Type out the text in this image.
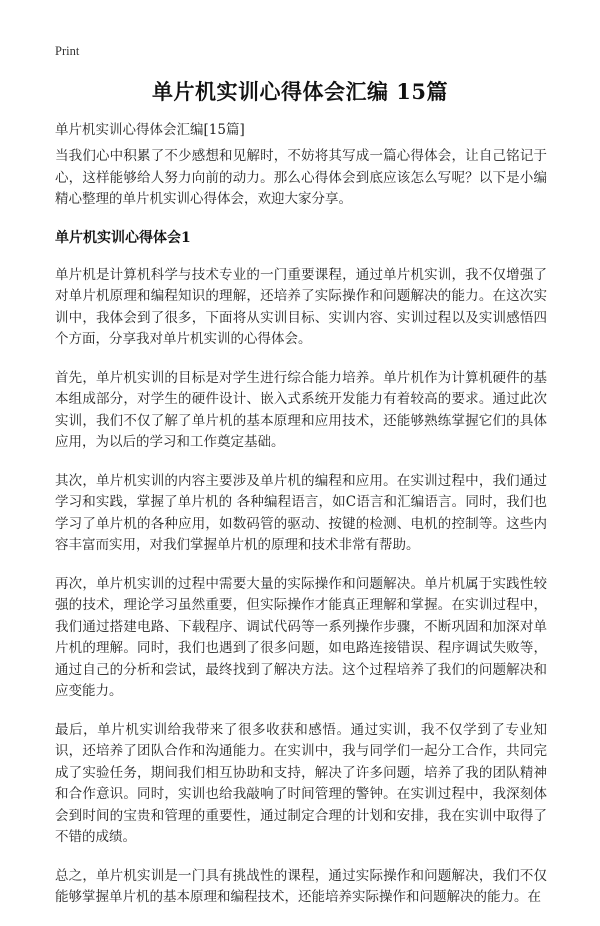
Print
单片机实训心得体会汇编 15篇
单片机实训心得体会汇编[15篇]

当我们心中积累了不少感想和见解时，不妨将其写成一篇心得体会，让自己铭记于心，这样能够给人努力向前的动力。那么心得体会到底应该怎么写呢？以下是小编精心整理的单片机实训心得体会，欢迎大家分享。

单片机实训心得体会1

单片机是计算机科学与技术专业的一门重要课程，通过单片机实训，我不仅增强了对单片机原理和编程知识的理解，还培养了实际操作和问题解决的能力。在这次实训中，我体会到了很多，下面将从实训目标、实训内容、实训过程以及实训感悟四个方面，分享我对单片机实训的心得体会。

首先，单片机实训的目标是对学生进行综合能力培养。单片机作为计算机硬件的基本组成部分，对学生的硬件设计、嵌入式系统开发能力有着较高的要求。通过此次实训，我们不仅了解了单片机的基本原理和应用技术，还能够熟练掌握它们的具体应用，为以后的学习和工作奠定基础。

其次，单片机实训的内容主要涉及单片机的编程和应用。在实训过程中，我们通过学习和实践，掌握了单片机的 各种编程语言，如C语言和汇编语言。同时，我们也学习了单片机的各种应用，如数码管的驱动、按键的检测、电机的控制等。这些内容丰富而实用，对我们掌握单片机的原理和技术非常有帮助。

再次，单片机实训的过程中需要大量的实际操作和问题解决。单片机属于实践性较强的技术，理论学习虽然重要，但实际操作才能真正理解和掌握。在实训过程中，我们通过搭建电路、下载程序、调试代码等一系列操作步骤，不断巩固和加深对单片机的理解。同时，我们也遇到了很多问题，如电路连接错误、程序调试失败等，通过自己的分析和尝试，最终找到了解决方法。这个过程培养了我们的问题解决和应变能力。

最后，单片机实训给我带来了很多收获和感悟。通过实训，我不仅学到了专业知识，还培养了团队合作和沟通能力。在实训中，我与同学们一起分工合作，共同完成了实验任务，期间我们相互协助和支持，解决了许多问题，培养了我的团队精神和合作意识。同时，实训也给我敲响了时间管理的警钟。在实训过程中，我深刻体会到时间的宝贵和管理的重要性，通过制定合理的计划和安排，我在实训中取得了不错的成绩。

总之，单片机实训是一门具有挑战性的课程，通过实际操作和问题解决，我们不仅能够掌握单片机的基本原理和编程技术，还能培养实际操作和问题解决的能力。在
